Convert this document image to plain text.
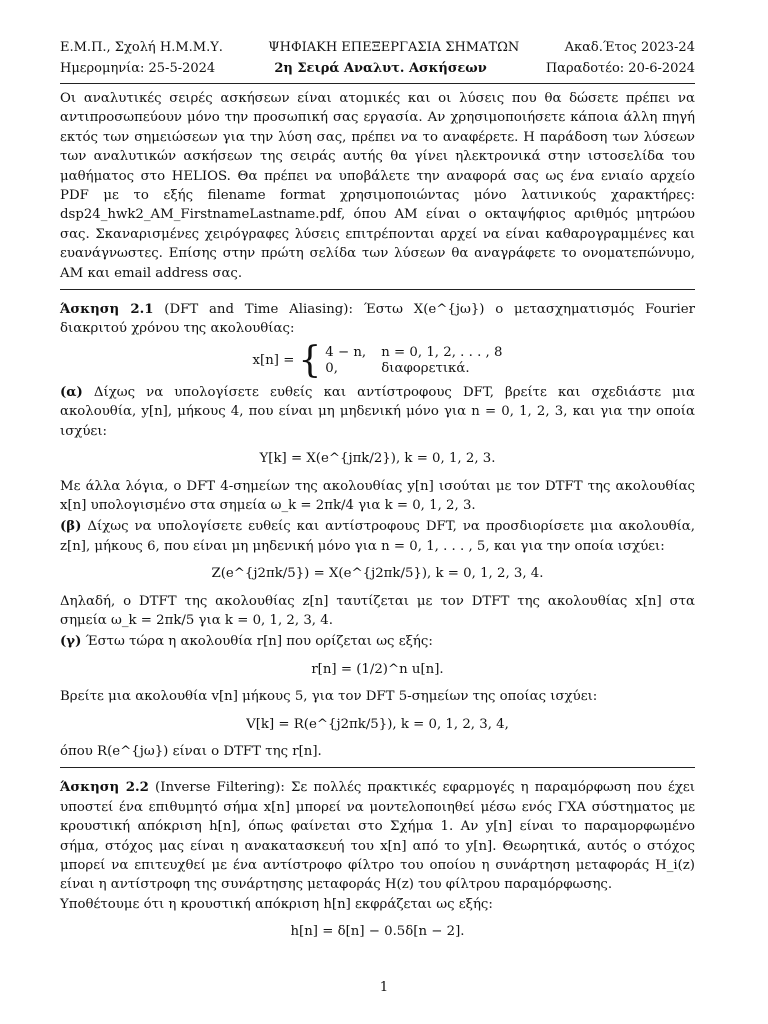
Ε.Μ.Π., Σχολή Η.Μ.Μ.Υ.	ΨΗΦΙΑΚΗ ΕΠΕΞΕΡΓΑΣΙΑ ΣΗΜΑΤΩΝ	Ακαδ.Έτος 2023-24
Ημερομηνία: 25-5-2024	2η Σειρά Αναλυτ. Ασκήσεων	Παραδοτέο: 20-6-2024

Οι αναλυτικές σειρές ασκήσεων είναι ατομικές και οι λύσεις που θα δώσετε πρέπει να αντιπροσωπεύουν μόνο την προσωπική σας εργασία. Αν χρησιμοποιήσετε κάποια άλλη πηγή εκτός των σημειώσεων για την λύση σας, πρέπει να το αναφέρετε. Η παράδοση των λύσεων των αναλυτικών ασκήσεων της σειράς αυτής θα γίνει ηλεκτρονικά στην ιστοσελίδα του μαθήματος στο HELIOS. Θα πρέπει να υποβάλετε την αναφορά σας ως ένα ενιαίο αρχείο PDF με το εξής filename format χρησιμοποιώντας μόνο λατινικούς χαρακτήρες: dsp24_hwk2_AM_FirstnameLastname.pdf, όπου AM είναι ο οκταψήφιος αριθμός μητρώου σας. Σκαναρισμένες χειρόγραφες λύσεις επιτρέπονται αρχεί να είναι καθαρογραμμένες και ευανάγνωστες. Επίσης στην πρώτη σελίδα των λύσεων θα αναγράφετε το ονοματεπώνυμο, AM και email address σας.

Άσκηση 2.1 (DFT and Time Aliasing): Έστω X(e^{jω}) ο μετασχηματισμός Fourier διακριτού χρόνου της ακολουθίας:

x[n] = { 4 − n,	n = 0, 1, 2, . . . , 8
0,	διαφορετικά.

(α) Δίχως να υπολογίσετε ευθείς και αντίστροφους DFT, βρείτε και σχεδιάστε μια ακολουθία, y[n], μήκους 4, που είναι μη μηδενική μόνο για n = 0, 1, 2, 3, και για την οποία ισχύει:

Y[k] = X(e^{jπk/2}), k = 0, 1, 2, 3.

Με άλλα λόγια, ο DFT 4-σημείων της ακολουθίας y[n] ισούται με τον DTFT της ακολουθίας x[n] υπολογισμένο στα σημεία ω_k = 2πk/4 για k = 0, 1, 2, 3.

(β) Δίχως να υπολογίσετε ευθείς και αντίστροφους DFT, να προσδιορίσετε μια ακολουθία, z[n], μήκους 6, που είναι μη μηδενική μόνο για n = 0, 1, . . . , 5, και για την οποία ισχύει:

Z(e^{j2πk/5}) = X(e^{j2πk/5}), k = 0, 1, 2, 3, 4.

Δηλαδή, ο DTFT της ακολουθίας z[n] ταυτίζεται με τον DTFT της ακολουθίας x[n] στα σημεία ω_k = 2πk/5 για k = 0, 1, 2, 3, 4.

(γ) Έστω τώρα η ακολουθία r[n] που ορίζεται ως εξής:

r[n] = (1/2)^n u[n].

Βρείτε μια ακολουθία v[n] μήκους 5, για τον DFT 5-σημείων της οποίας ισχύει:

V[k] = R(e^{j2πk/5}), k = 0, 1, 2, 3, 4,

όπου R(e^{jω}) είναι ο DTFT της r[n].

Άσκηση 2.2 (Inverse Filtering): Σε πολλές πρακτικές εφαρμογές η παραμόρφωση που έχει υποστεί ένα επιθυμητό σήμα x[n] μπορεί να μοντελοποιηθεί μέσω ενός ΓΧΑ σύστηματος με κρουστική απόκριση h[n], όπως φαίνεται στο Σχήμα 1. Αν y[n] είναι το παραμορφωμένο σήμα, στόχος μας είναι η ανακατασκευή του x[n] από το y[n]. Θεωρητικά, αυτός ο στόχος μπορεί να επιτευχθεί με ένα αντίστροφο φίλτρο του οποίου η συνάρτηση μεταφοράς H_i(z) είναι η αντίστροφη της συνάρτησης μεταφοράς H(z) του φίλτρου παραμόρφωσης.

Υποθέτουμε ότι η κρουστική απόκριση h[n] εκφράζεται ως εξής:

h[n] = δ[n] − 0.5δ[n − 2].
1
